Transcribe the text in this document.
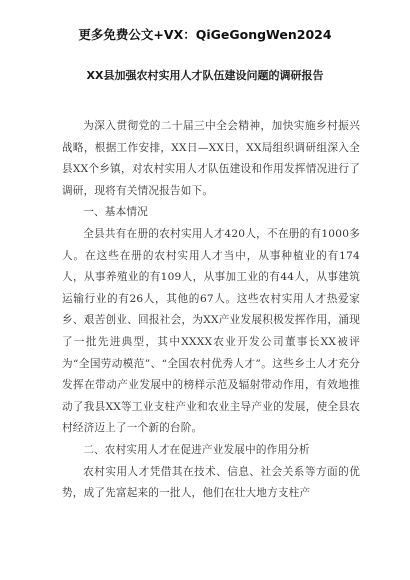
更多免费公文+VX：QiGeGongWen2024
XX县加强农村实用人才队伍建设问题的调研报告

为深入贯彻党的二十届三中全会精神，加快实施乡村振兴战略，根据工作安排，XX日—XX日，XX局组织调研组深入全县XX个乡镇，对农村实用人才队伍建设和作用发挥情况进行了调研，现将有关情况报告如下。

一、基本情况

全县共有在册的农村实用人才420人，不在册的有1000多人。在这些在册的农村实用人才当中，从事种植业的有174人，从事养殖业的有109人，从事加工业的有44人，从事建筑运输行业的有26人，其他的67人。这些农村实用人才热爱家乡、艰苦创业、回报社会，为XX产业发展积极发挥作用，涌现了一批先进典型，其中XXXX农业开发公司董事长XX被评为“全国劳动模范”、“全国农村优秀人才”。这些乡土人才充分发挥在带动产业发展中的榜样示范及辐射带动作用，有效地推动了我县XX等工业支柱产业和农业主导产业的发展，使全县农村经济迈上了一个新的台阶。

二、农村实用人才在促进产业发展中的作用分析

农村实用人才凭借其在技术、信息、社会关系等方面的优势，成了先富起来的一批人，他们在壮大地方支柱产
